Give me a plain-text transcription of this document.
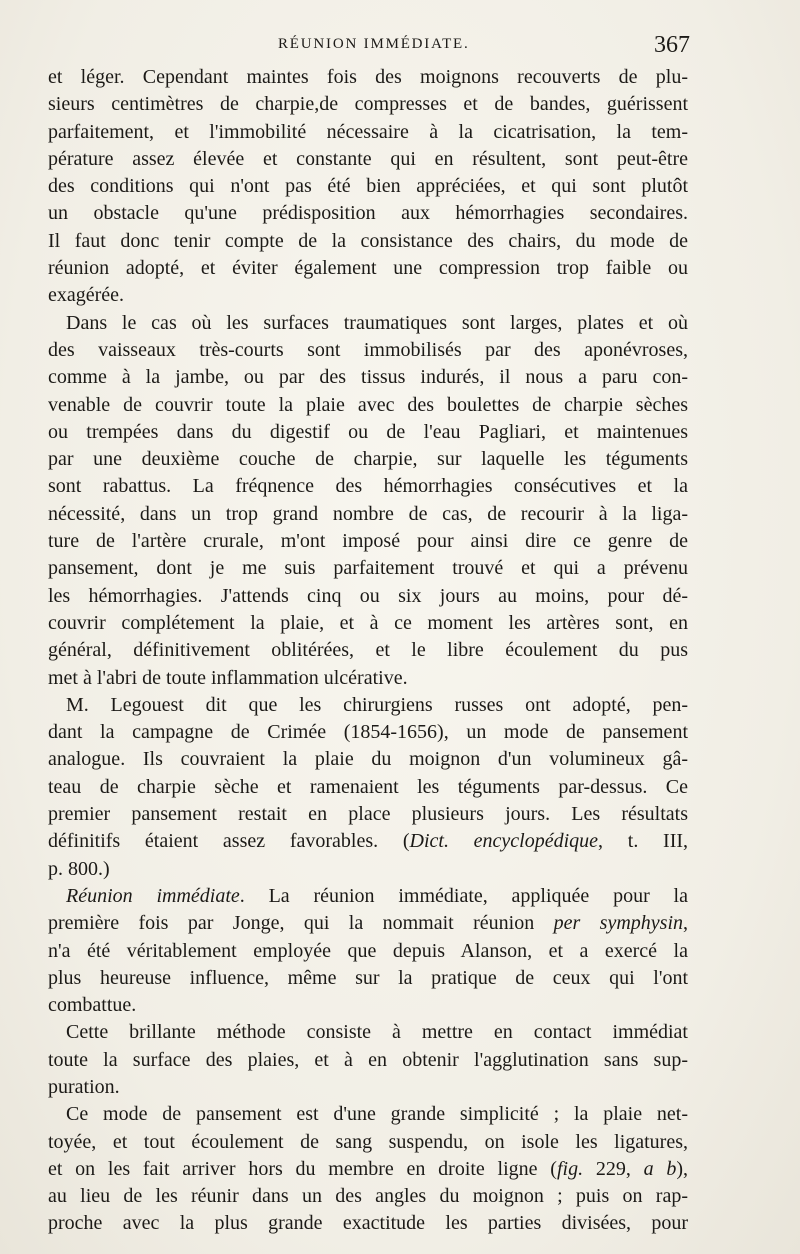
RÉUNION IMMÉDIATE.	367
et léger. Cependant maintes fois des moignons recouverts de plu-
sieurs centimètres de charpie,de compresses et de bandes, guérissent
parfaitement, et l'immobilité nécessaire à la cicatrisation, la tem-
pérature assez élevée et constante qui en résultent, sont peut-être
des conditions qui n'ont pas été bien appréciées, et qui sont plutôt
un obstacle qu'une prédisposition aux hémorrhagies secondaires.
Il faut donc tenir compte de la consistance des chairs, du mode de
réunion adopté, et éviter également une compression trop faible ou
exagérée.
Dans le cas où les surfaces traumatiques sont larges, plates et où
des vaisseaux très-courts sont immobilisés par des aponévroses,
comme à la jambe, ou par des tissus indurés, il nous a paru con-
venable de couvrir toute la plaie avec des boulettes de charpie sèches
ou trempées dans du digestif ou de l'eau Pagliari, et maintenues
par une deuxième couche de charpie, sur laquelle les téguments
sont rabattus. La fréqnence des hémorrhagies consécutives et la
nécessité, dans un trop grand nombre de cas, de recourir à la liga-
ture de l'artère crurale, m'ont imposé pour ainsi dire ce genre de
pansement, dont je me suis parfaitement trouvé et qui a prévenu
les hémorrhagies. J'attends cinq ou six jours au moins, pour dé-
couvrir complétement la plaie, et à ce moment les artères sont, en
général, définitivement oblitérées, et le libre écoulement du pus
met à l'abri de toute inflammation ulcérative.
M. Legouest dit que les chirurgiens russes ont adopté, pen-
dant la campagne de Crimée (1854-1656), un mode de pansement
analogue. Ils couvraient la plaie du moignon d'un volumineux gâ-
teau de charpie sèche et ramenaient les téguments par-dessus. Ce
premier pansement restait en place plusieurs jours. Les résultats
définitifs étaient assez favorables. (Dict. encyclopédique, t. III,
p. 800.)
Réunion immédiate. La réunion immédiate, appliquée pour la
première fois par Jonge, qui la nommait réunion per symphysin,
n'a été véritablement employée que depuis Alanson, et a exercé la
plus heureuse influence, même sur la pratique de ceux qui l'ont
combattue.
Cette brillante méthode consiste à mettre en contact immédiat
toute la surface des plaies, et à en obtenir l'agglutination sans sup-
puration.
Ce mode de pansement est d'une grande simplicité ; la plaie net-
toyée, et tout écoulement de sang suspendu, on isole les ligatures,
et on les fait arriver hors du membre en droite ligne (fig. 229, a b),
au lieu de les réunir dans un des angles du moignon ; puis on rap-
proche avec la plus grande exactitude les parties divisées, pour
